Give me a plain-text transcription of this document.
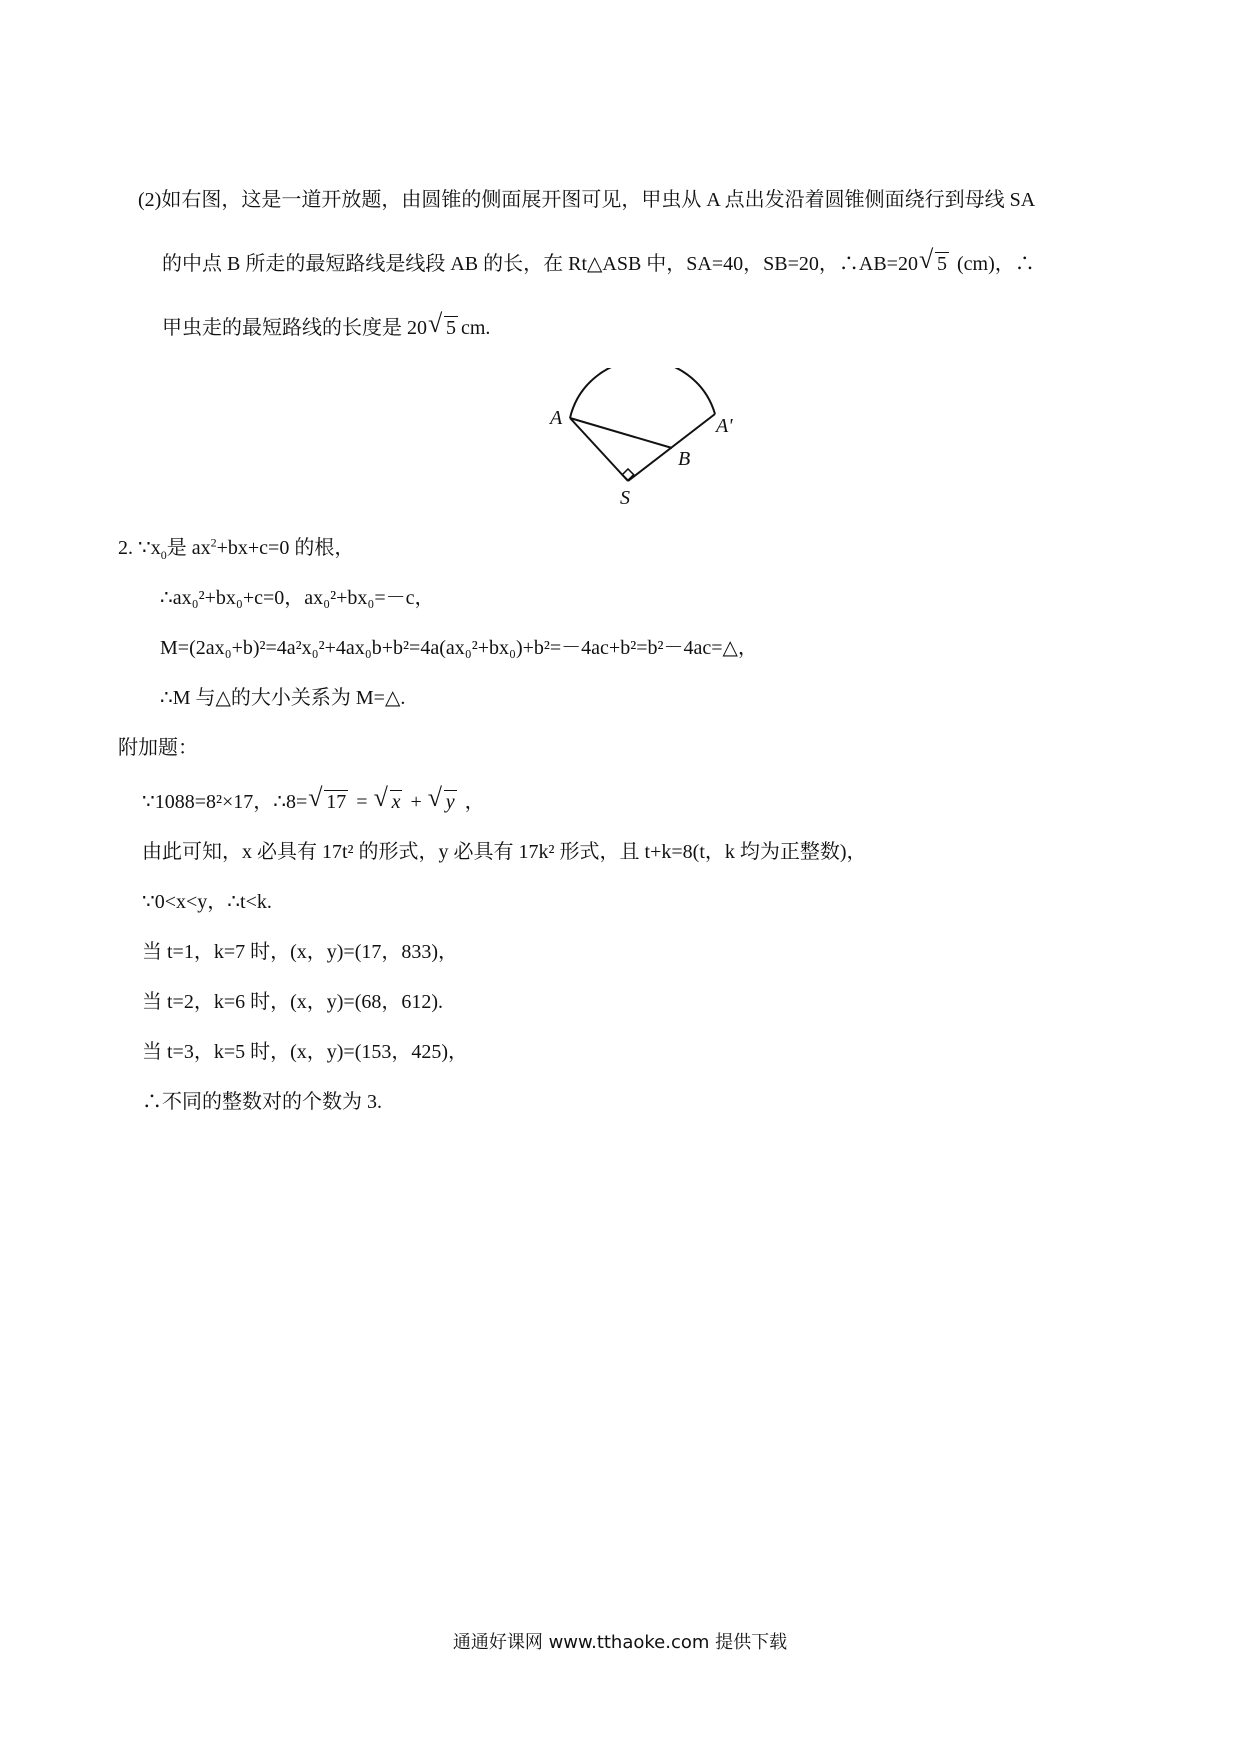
(2)如右图，这是一道开放题，由圆锥的侧面展开图可见，甲虫从 A 点出发沿着圆锥侧面绕行到母线 SA
的中点 B 所走的最短路线是线段 AB 的长，在 Rt△ASB 中，SA=40，SB=20，∴AB=20 √ 5 (cm)，∴
甲虫走的最短路线的长度是 20 √ 5 cm.
A	A'
B
S
2. $\because x_0$是 $ax^2+bx+c=0$ 的根，
∴ax₀²+bx₀+c=0，ax₀²+bx₀=－c，
M=(2ax₀+b)²=4a²x₀²+4ax₀b+b²=4a(ax₀²+bx₀)+b²=－4ac+b²=b²－4ac=△，
∴M 与△的大小关系为 M=△.
附加题：
∵1088=8²×17，∴8= √ 17 = √ x + √ y ，
由此可知，x 必具有 17t² 的形式，y 必具有 17k² 形式，且 t+k=8(t，k 均为正整数)，
∵0<x<y，∴t<k.
当 t=1，k=7 时，(x，y)=(17，833)，
当 t=2，k=6 时，(x，y)=(68，612).
当 t=3，k=5 时，(x，y)=(153，425)，
∴不同的整数对的个数为 3.
通通好课网 www.tthaoke.com 提供下载
